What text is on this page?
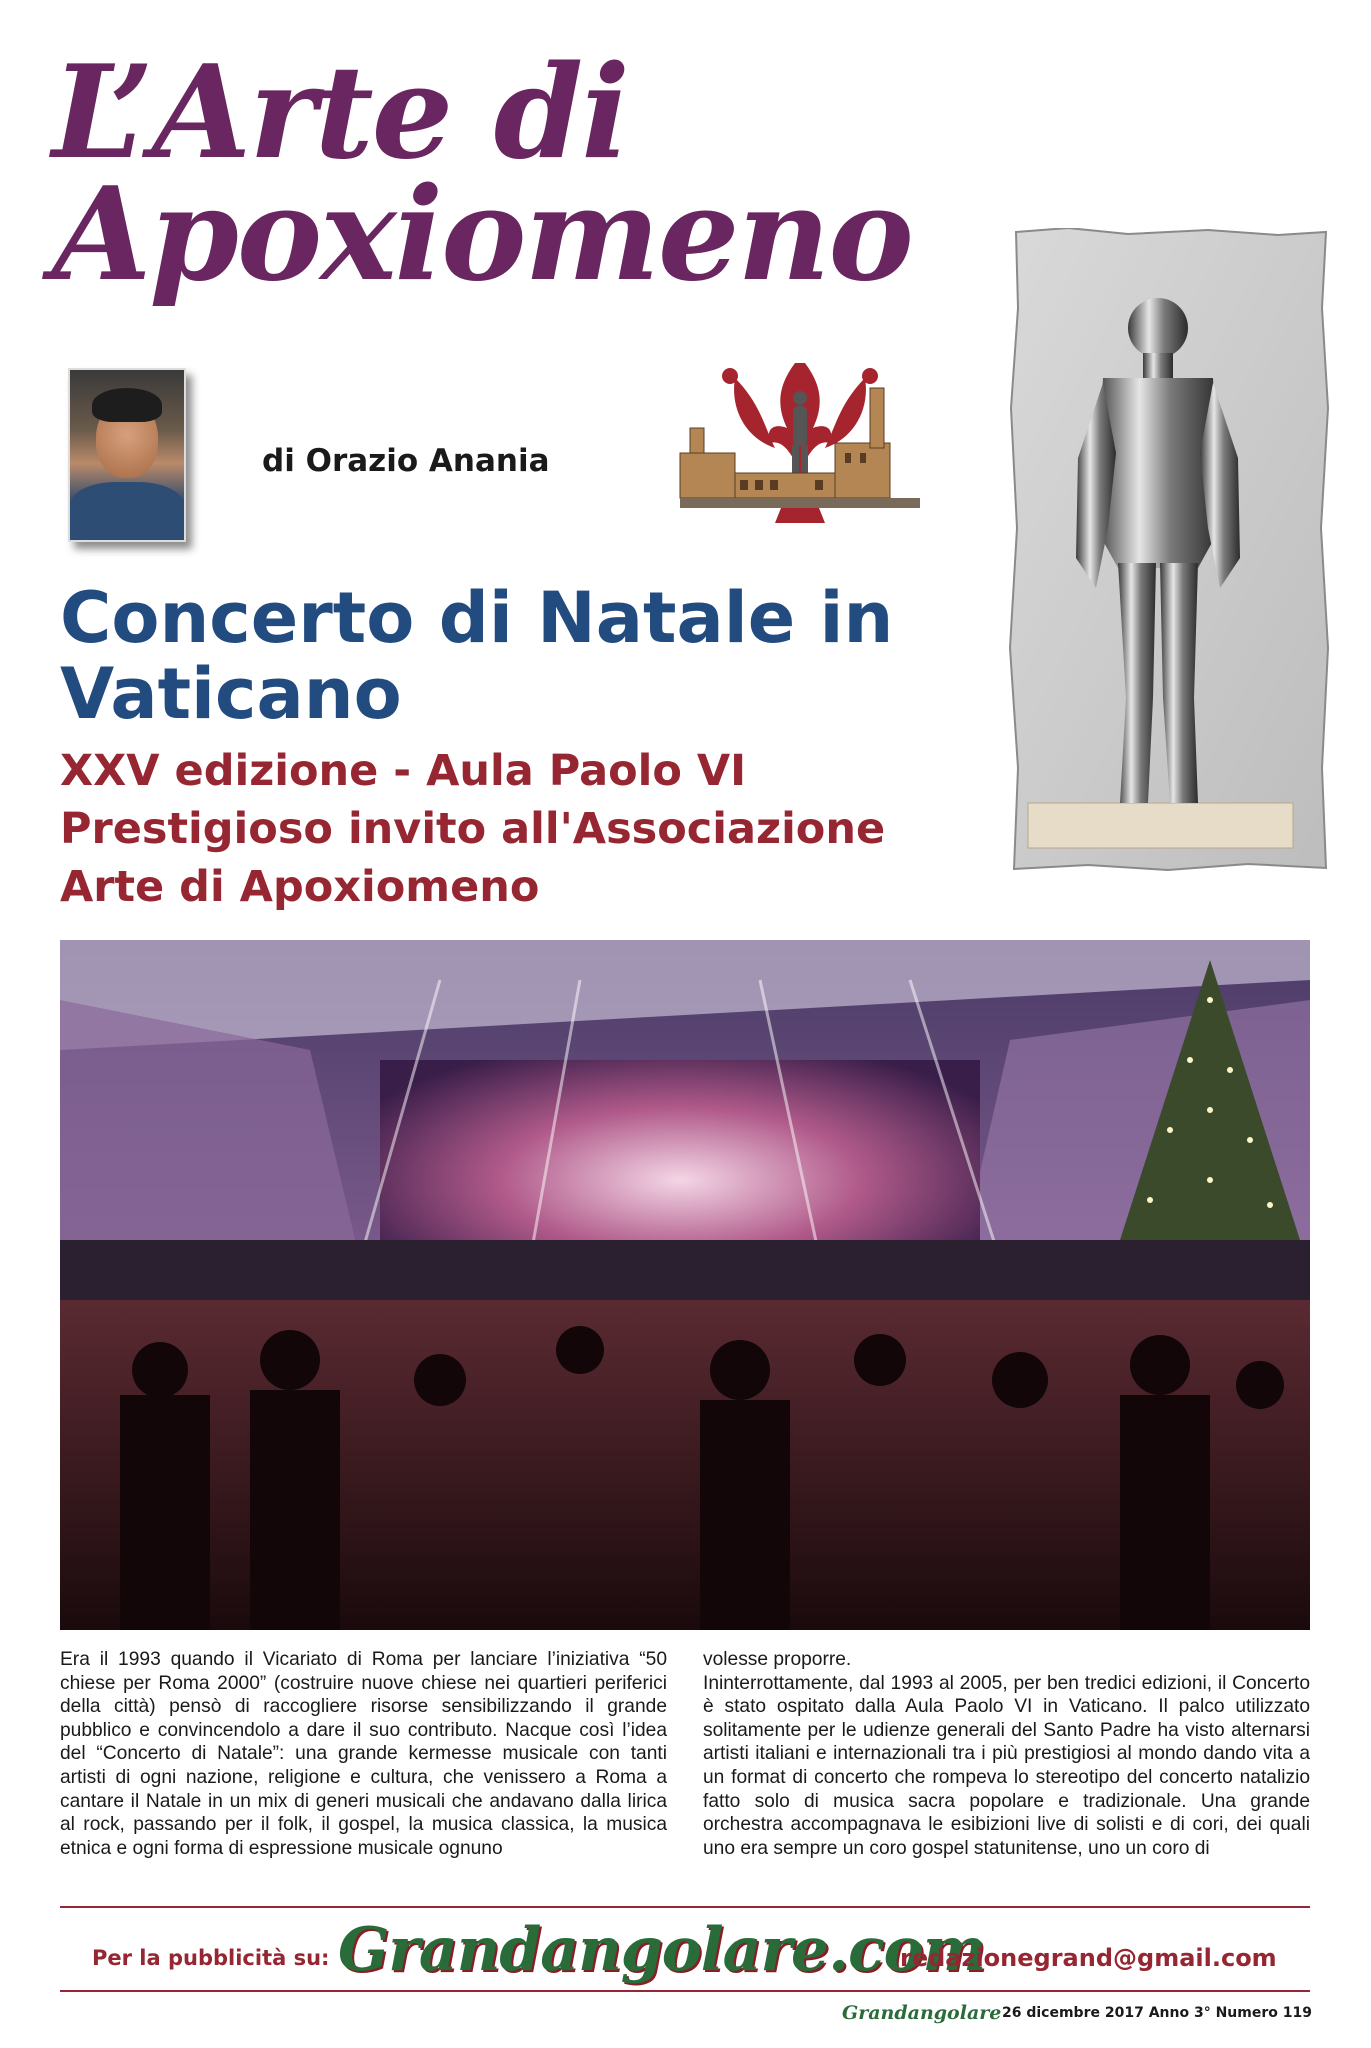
L’Arte di
Apoxiomeno
di Orazio Anania
Concerto di Natale in Vaticano
XXV edizione - Aula Paolo VI
Prestigioso invito all'Associazione
Arte di Apoxiomeno

Era il 1993 quando il Vicariato di Roma per lanciare l’iniziativa “50 chiese per Roma 2000” (costruire nuove chiese nei quartieri periferici della città) pensò di raccogliere risorse sensibilizzando il grande pubblico e convincendolo a dare il suo contributo. Nacque così l’idea del “Concerto di Natale”: una grande kermesse musicale con tanti artisti di ogni nazione, religione e cultura, che venissero a Roma a cantare il Natale in un mix di generi musicali che andavano dalla lirica al rock, passando per il folk, il gospel, la musica classica, la musica etnica e ogni forma di espressione musicale ognuno

volesse proporre.

Ininterrottamente, dal 1993 al 2005, per ben tredici edizioni, il Concerto è stato ospitato dalla Aula Paolo VI in Vaticano. Il palco utilizzato solitamente per le udienze generali del Santo Padre ha visto alternarsi artisti italiani e internazionali tra i più prestigiosi al mondo dando vita a un format di concerto che rompeva lo stereotipo del concerto natalizio fatto solo di musica sacra popolare e tradizionale. Una grande orchestra accompagnava le esibizioni live di solisti e di cori, dei quali uno era sempre un coro gospel statunitense, uno un coro di

Per la pubblicità su: Grandangolare.com
redazionegrand@gmail.com
Grandangolare 26 dicembre 2017 Anno 3° Numero 119
